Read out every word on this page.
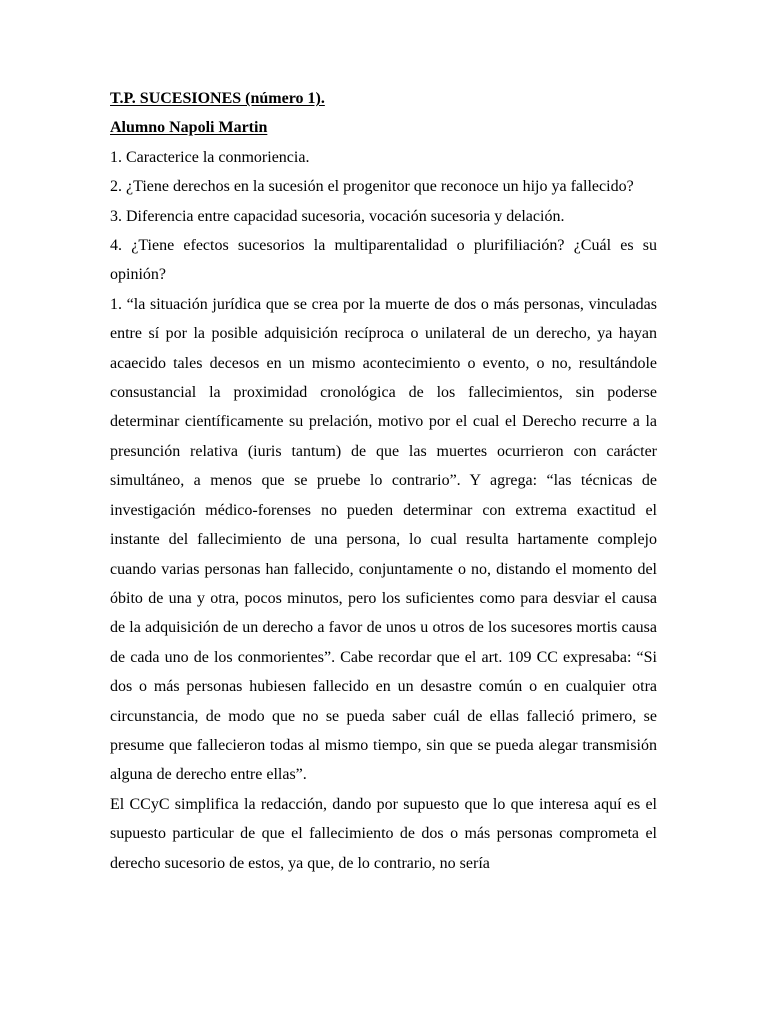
T.P. SUCESIONES (número 1).

Alumno Napoli Martin

1. Caracterice la conmoriencia.

2. ¿Tiene derechos en la sucesión el progenitor que reconoce un hijo ya fallecido?

3. Diferencia entre capacidad sucesoria, vocación sucesoria y delación.

4. ¿Tiene efectos sucesorios la multiparentalidad o plurifiliación? ¿Cuál es su opinión?

1. “la situación jurídica que se crea por la muerte de dos o más personas, vinculadas entre sí por la posible adquisición recíproca o unilateral de un derecho, ya hayan acaecido tales decesos en un mismo acontecimiento o evento, o no, resultándole consustancial la proximidad cronológica de los fallecimientos, sin poderse determinar científicamente su prelación, motivo por el cual el Derecho recurre a la presunción relativa (iuris tantum) de que las muertes ocurrieron con carácter simultáneo, a menos que se pruebe lo contrario”. Y agrega: “las técnicas de investigación médico-forenses no pueden determinar con extrema exactitud el instante del fallecimiento de una persona, lo cual resulta hartamente complejo cuando varias personas han fallecido, conjuntamente o no, distando el momento del óbito de una y otra, pocos minutos, pero los suficientes como para desviar el causa de la adquisición de un derecho a favor de unos u otros de los sucesores mortis causa de cada uno de los conmorientes”. Cabe recordar que el art. 109 CC expresaba: “Si dos o más personas hubiesen fallecido en un desastre común o en cualquier otra circunstancia, de modo que no se pueda saber cuál de ellas falleció primero, se presume que fallecieron todas al mismo tiempo, sin que se pueda alegar transmisión alguna de derecho entre ellas”.

El CCyC simplifica la redacción, dando por supuesto que lo que interesa aquí es el supuesto particular de que el fallecimiento de dos o más personas comprometa el derecho sucesorio de estos, ya que, de lo contrario, no sería
